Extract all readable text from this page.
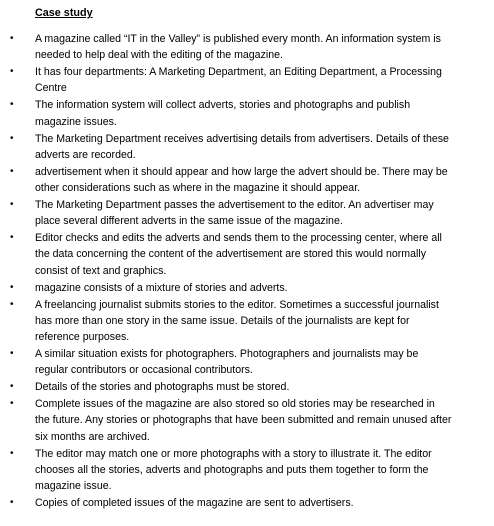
Case study
• A magazine called “IT in the Valley” is published every month. An information system is
needed to help deal with the editing of the magazine.
• It has four departments: A Marketing Department, an Editing Department, a Processing
Centre
• The information system will collect adverts, stories and photographs and publish
magazine issues.
• The Marketing Department receives advertising details from advertisers. Details of these
adverts are recorded.
• advertisement when it should appear and how large the advert should be. There may be
other considerations such as where in the magazine it should appear.
• The Marketing Department passes the advertisement to the editor. An advertiser may
place several different adverts in the same issue of the magazine.
• Editor checks and edits the adverts and sends them to the processing center, where all
the data concerning the content of the advertisement are stored this would normally
consist of text and graphics.
• magazine consists of a mixture of stories and adverts.
• A freelancing journalist submits stories to the editor. Sometimes a successful journalist
has more than one story in the same issue. Details of the journalists are kept for
reference purposes.
• A similar situation exists for photographers. Photographers and journalists may be
regular contributors or occasional contributors.
• Details of the stories and photographs must be stored.
• Complete issues of the magazine are also stored so old stories may be researched in
the future. Any stories or photographs that have been submitted and remain unused after
six months are archived.
• The editor may match one or more photographs with a story to illustrate it. The editor
chooses all the stories, adverts and photographs and puts them together to form the
magazine issue.
• Copies of completed issues of the magazine are sent to advertisers.
